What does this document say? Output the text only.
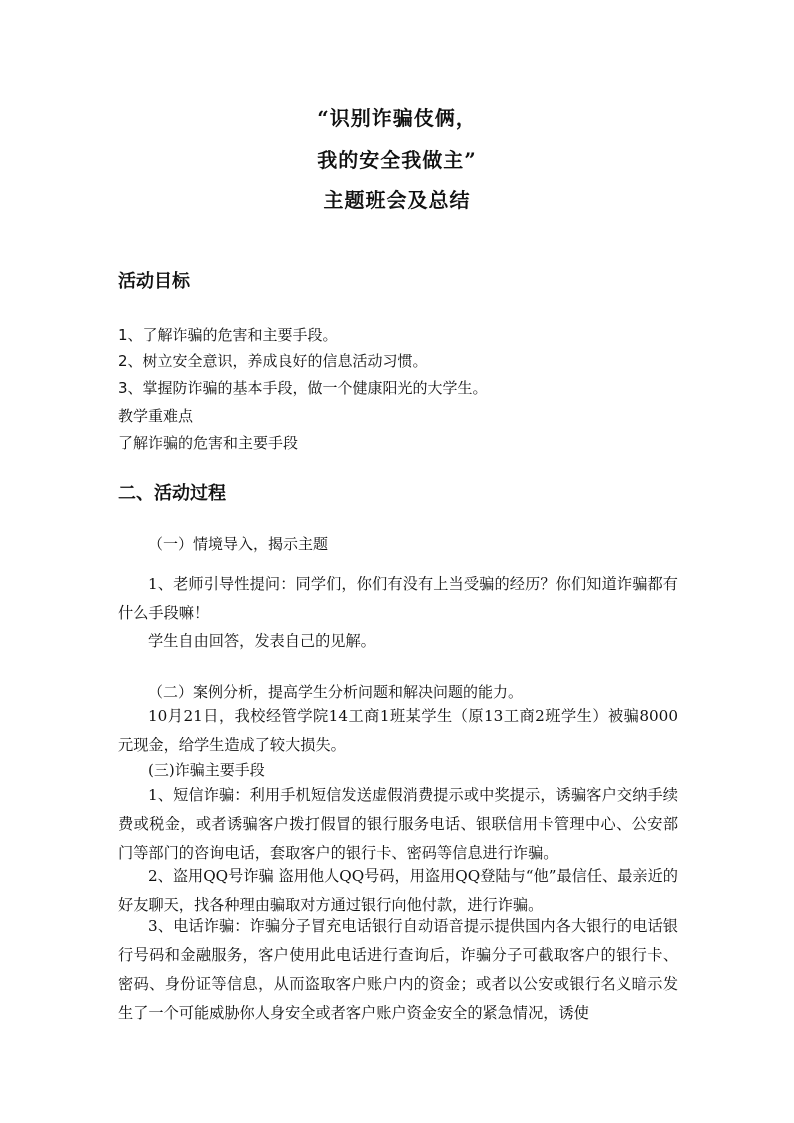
“识别诈骗伎俩，
我的安全我做主”
主题班会及总结
活动目标
1、了解诈骗的危害和主要手段。
2、树立安全意识，养成良好的信息活动习惯。
3、掌握防诈骗的基本手段，做一个健康阳光的大学生。
教学重难点
了解诈骗的危害和主要手段
二、活动过程
（一）情境导入，揭示主题
1、老师引导性提问：同学们，你们有没有上当受骗的经历？你们知道诈骗都有什么手段嘛！
学生自由回答，发表自己的见解。
（二）案例分析，提高学生分析问题和解决问题的能力。
10月21日，我校经管学院14工商1班某学生（原13工商2班学生）被骗8000元现金，给学生造成了较大损失。
(三)诈骗主要手段
1、短信诈骗：利用手机短信发送虚假消费提示或中奖提示，诱骗客户交纳手续费或税金，或者诱骗客户拨打假冒的银行服务电话、银联信用卡管理中心、公安部门等部门的咨询电话，套取客户的银行卡、密码等信息进行诈骗。
2、盗用QQ号诈骗 盗用他人QQ号码，用盗用QQ登陆与“他”最信任、最亲近的好友聊天，找各种理由骗取对方通过银行向他付款，进行诈骗。
3、电话诈骗：诈骗分子冒充电话银行自动语音提示提供国内各大银行的电话银行号码和金融服务，客户使用此电话进行查询后，诈骗分子可截取客户的银行卡、密码、身份证等信息，从而盗取客户账户内的资金；或者以公安或银行名义暗示发生了一个可能威胁你人身安全或者客户账户资金安全的紧急情况，诱使
